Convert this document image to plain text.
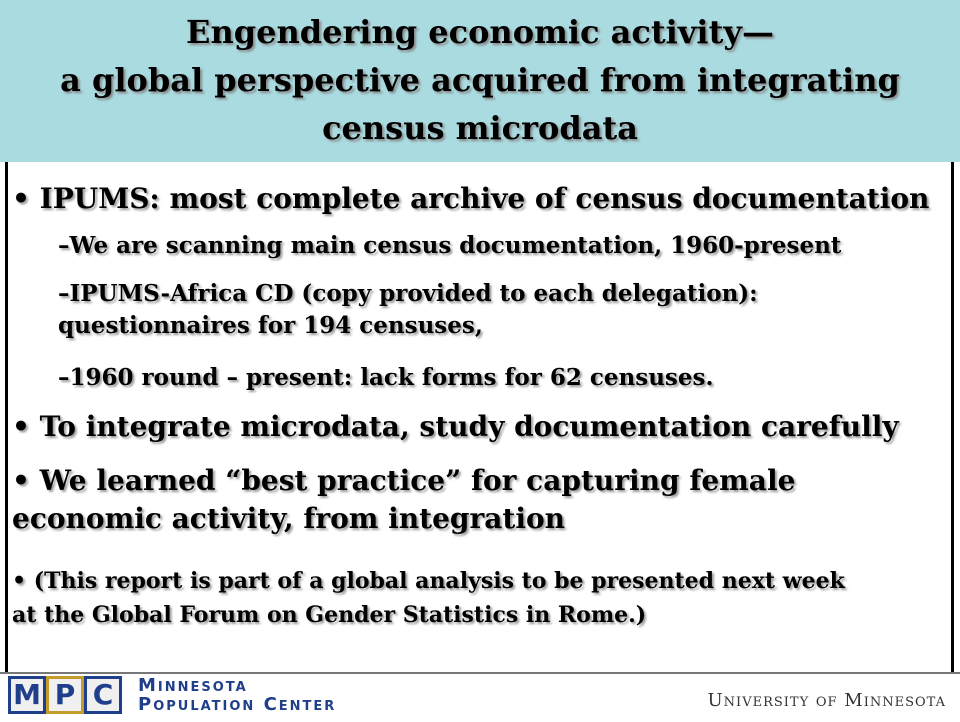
Engendering economic activity—
a global perspective acquired from integrating
census microdata
• IPUMS: most complete archive of census documentation
–We are scanning main census documentation, 1960-present
–IPUMS-Africa CD (copy provided to each delegation):
questionnaires for 194 censuses,
–1960 round – present: lack forms for 62 censuses.
• To integrate microdata, study documentation carefully
• We learned “best practice” for capturing female
economic activity, from integration
• (This report is part of a global analysis to be presented next week
at the Global Forum on Gender Statistics in Rome.)
M P C	Minnesota
Population Center	University of Minnesota
